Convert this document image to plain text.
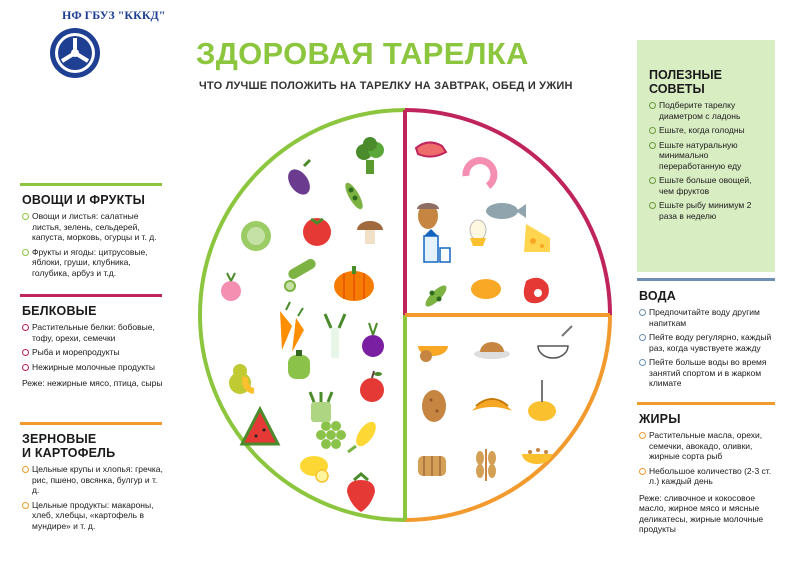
НФ ГБУЗ "КККД"
ЗДОРОВАЯ ТАРЕЛКА
ЧТО ЛУЧШЕ ПОЛОЖИТЬ НА ТАРЕЛКУ НА ЗАВТРАК, ОБЕД И УЖИН
ОВОЩИ И ФРУКТЫ
Овощи и листья: салатные листья, зелень, сельдерей, капуста, морковь, огурцы и т. д.
Фрукты и ягоды: цитрусовые, яблоки, груши, клубника, голубика, арбуз и т.д.
БЕЛКОВЫЕ
Растительные белки: бобовые, тофу, орехи, семечки
Рыба и морепродукты
Нежирные молочные продукты
Реже: нежирные мясо, птица, сыры
ЗЕРНОВЫЕ
И КАРТОФЕЛЬ
Цельные крупы и хлопья: гречка, рис, пшено, овсянка, булгур и т. д.
Цельные продукты: макароны, хлеб, хлебцы, «картофель в мундире» и т. д.
ПОЛЕЗНЫЕ
СОВЕТЫ
Подберите тарелку диаметром с ладонь
Ешьте, когда голодны
Ешьте натуральную минимально переработанную еду
Ешьте больше овощей, чем фруктов
Ешьте рыбу минимум 2 раза в неделю
ВОДА
Предпочитайте воду другим напиткам
Пейте воду регулярно, каждый раз, когда чувствуете жажду
Пейте больше воды во время занятий спортом и в жарком климате
ЖИРЫ
Растительные масла, орехи, семечки, авокадо, оливки, жирные сорта рыб
Небольшое количество (2-3 ст. л.) каждый день
Реже: сливочное и кокосовое масло, жирное мясо и мясные деликатесы, жирные молочные продукты
